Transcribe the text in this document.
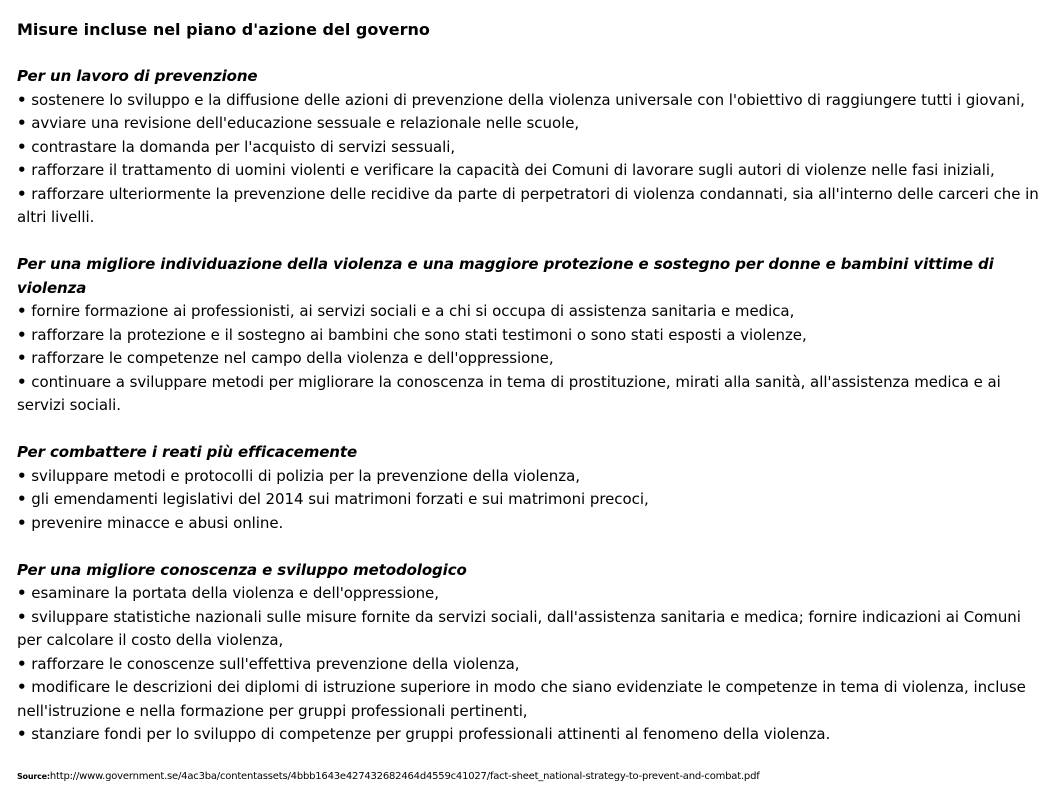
Misure incluse nel piano d'azione del governo
Per un lavoro di prevenzione
• sostenere lo sviluppo e la diffusione delle azioni di prevenzione della violenza universale con l'obiettivo di raggiungere tutti i giovani,
• avviare una revisione dell'educazione sessuale e relazionale nelle scuole,
• contrastare la domanda per l'acquisto di servizi sessuali,
• rafforzare il trattamento di uomini violenti e verificare la capacità dei Comuni di lavorare sugli autori di violenze nelle fasi iniziali,
• rafforzare ulteriormente la prevenzione delle recidive da parte di perpetratori di violenza condannati, sia all'interno delle carceri che in altri livelli.
Per una migliore individuazione della violenza e una maggiore protezione e sostegno per donne e bambini vittime di violenza
• fornire formazione ai professionisti, ai servizi sociali e a chi si occupa di assistenza sanitaria e medica,
• rafforzare la protezione e il sostegno ai bambini che sono stati testimoni o sono stati esposti a violenze,
• rafforzare le competenze nel campo della violenza e dell'oppressione,
• continuare a sviluppare metodi per migliorare la conoscenza in tema di prostituzione, mirati alla sanità, all'assistenza medica e ai servizi sociali.
Per combattere i reati più efficacemente
• sviluppare metodi e protocolli di polizia per la prevenzione della violenza,
• gli emendamenti legislativi del 2014 sui matrimoni forzati e sui matrimoni precoci,
• prevenire minacce e abusi online.
Per una migliore conoscenza e sviluppo metodologico
• esaminare la portata della violenza e dell'oppressione,
• sviluppare statistiche nazionali sulle misure fornite da servizi sociali, dall'assistenza sanitaria e medica; fornire indicazioni ai Comuni per calcolare il costo della violenza,
• rafforzare le conoscenze sull'effettiva prevenzione della violenza,
• modificare le descrizioni dei diplomi di istruzione superiore in modo che siano evidenziate le competenze in tema di violenza, incluse nell'istruzione e nella formazione per gruppi professionali pertinenti,
• stanziare fondi per lo sviluppo di competenze per gruppi professionali attinenti al fenomeno della violenza.
Source:http://www.government.se/4ac3ba/contentassets/4bbb1643e427432682464d4559c41027/fact-sheet_national-strategy-to-prevent-and-combat.pdf
